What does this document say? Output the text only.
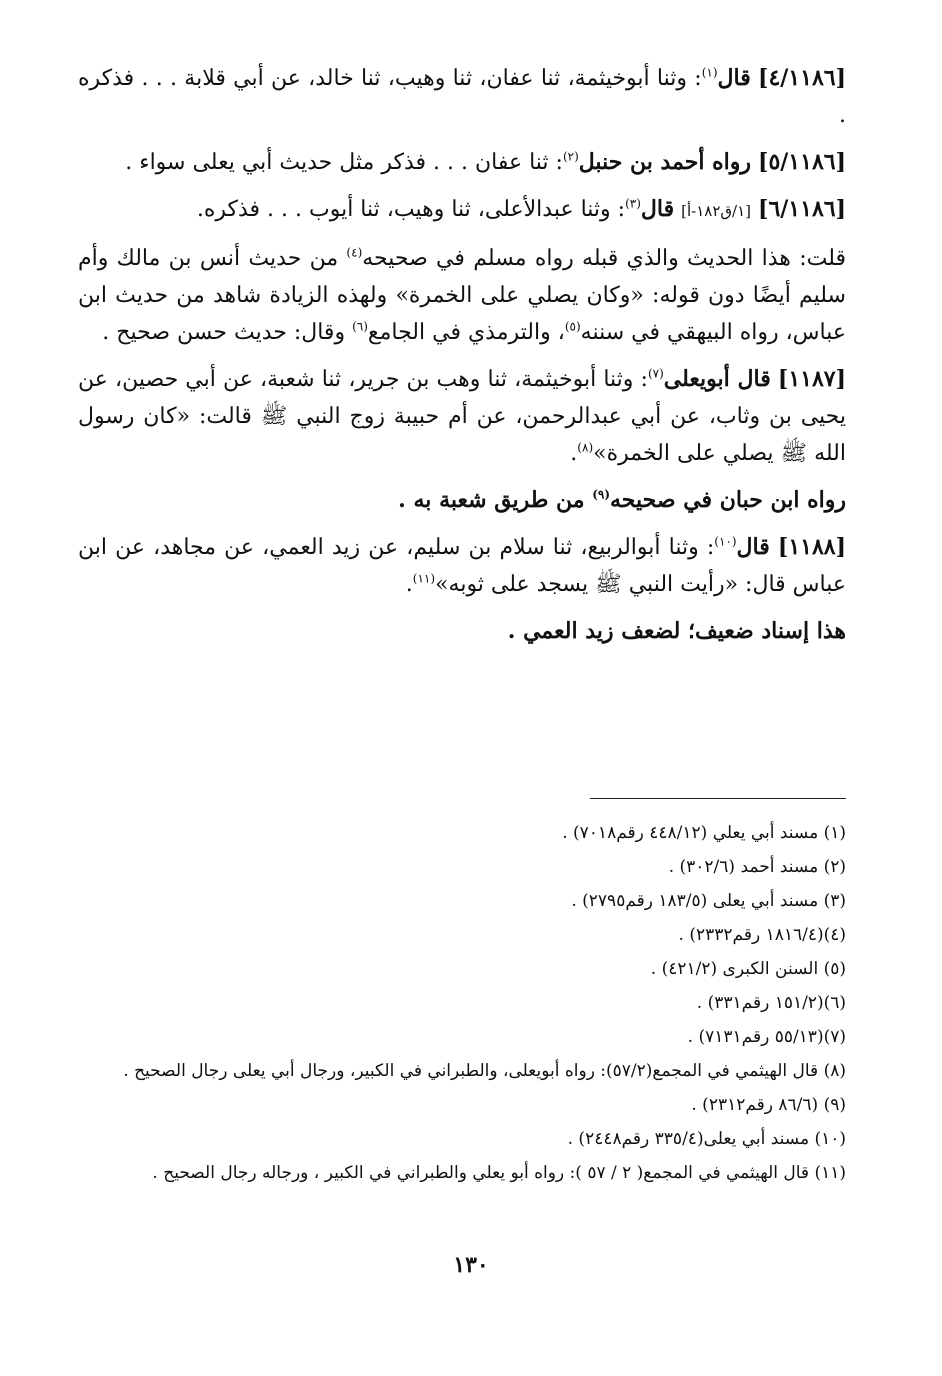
[٤/١١٨٦] قال$^{(١)}$: وثنا أبوخيثمة، ثنا عفان، ثنا وهيب، ثنا خالد، عن أبي قلابة . . . فذكره .

[٥/١١٨٦] رواه أحمد بن حنبل$^{(٢)}$: ثنا عفان . . . فذكر مثل حديث أبي يعلى سواء .

[٦/١١٨٦] [١/ق١٨٢-أ] قال$^{(٣)}$: وثنا عبدالأعلى، ثنا وهيب، ثنا أيوب . . . فذكره.

قلت: هذا الحديث والذي قبله رواه مسلم في صحيحه$^{(٤)}$ من حديث أنس بن مالك وأم سليم أيضًا دون قوله: «وكان يصلي على الخمرة» ولهذه الزيادة شاهد من حديث ابن عباس، رواه البيهقي في سننه$^{(٥)}$، والترمذي في الجامع$^{(٦)}$ وقال: حديث حسن صحيح .

[١١٨٧] قال أبويعلى$^{(٧)}$: وثنا أبوخيثمة، ثنا وهب بن جرير، ثنا شعبة، عن أبي حصين، عن يحيى بن وثاب، عن أبي عبدالرحمن، عن أم حبيبة زوج النبي ﷺ قالت: «كان رسول الله ﷺ يصلي على الخمرة»$^{(٨)}$.

رواه ابن حبان في صحيحه$^{(٩)}$ من طريق شعبة به .

[١١٨٨] قال$^{(١٠)}$: وثنا أبوالربيع، ثنا سلام بن سليم، عن زيد العمي، عن مجاهد، عن ابن عباس قال: «رأيت النبي ﷺ يسجد على ثوبه»$^{(١١)}$.

هذا إسناد ضعيف؛ لضعف زيد العمي .

(١) مسند أبي يعلي (٤٤٨/١٢ رقم٧٠١٨) .

(٢) مسند أحمد (٣٠٢/٦) .

(٣) مسند أبي يعلى (١٨٣/٥ رقم٢٧٩٥) .

(٤)(١٨١٦/٤ رقم٢٣٣٢) .

(٥) السنن الكبرى (٤٢١/٢) .

(٦)(١٥١/٢ رقم٣٣١) .

(٧)(٥٥/١٣ رقم٧١٣١) .

(٨) قال الهيثمي في المجمع(٥٧/٢): رواه أبويعلى، والطبراني في الكبير، ورجال أبي يعلى رجال الصحيح .

(٩) (٨٦/٦ رقم٢٣١٢) .

(١٠) مسند أبي يعلى(٣٣٥/٤ رقم٢٤٤٨) .

(١١) قال الهيثمي في المجمع( ٢ / ٥٧ ): رواه أبو يعلي والطبراني في الكبير ، ورجاله رجال الصحيح .

١٣٠
